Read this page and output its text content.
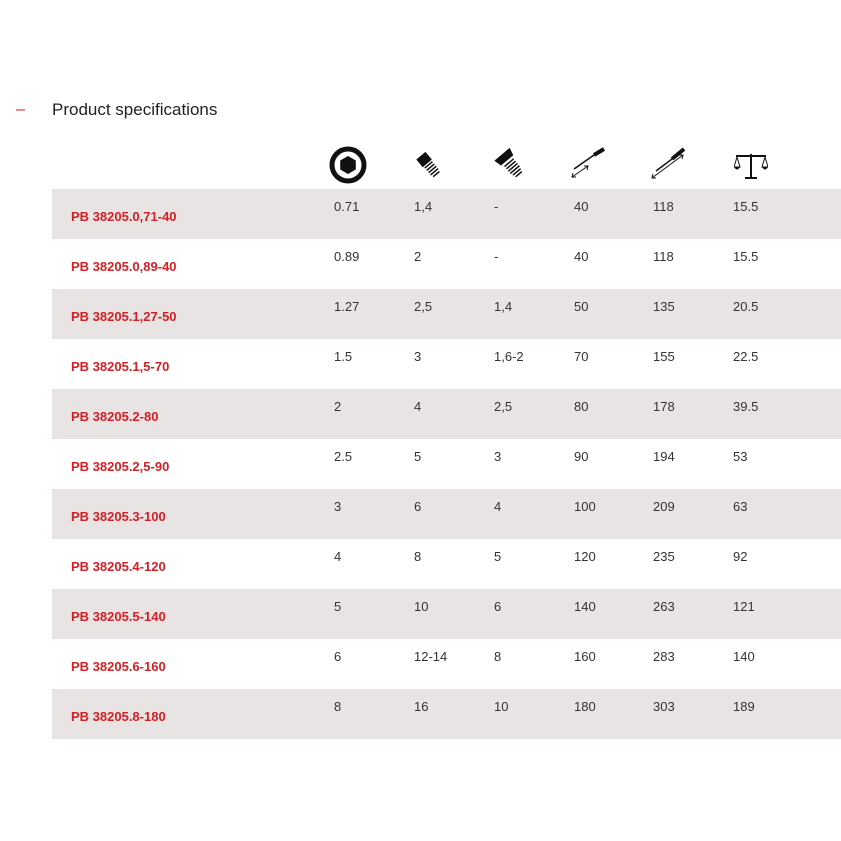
–	Product specifications
PB 38205.0,71-40	0.71	1,4	-	40	118	15.5
PB 38205.0,89-40	0.89	2	-	40	118	15.5
PB 38205.1,27-50	1.27	2,5	1,4	50	135	20.5
PB 38205.1,5-70	1.5	3	1,6-2	70	155	22.5
PB 38205.2-80	2	4	2,5	80	178	39.5
PB 38205.2,5-90	2.5	5	3	90	194	53
PB 38205.3-100	3	6	4	100	209	63
PB 38205.4-120	4	8	5	120	235	92
PB 38205.5-140	5	10	6	140	263	121
PB 38205.6-160	6	12-14	8	160	283	140
PB 38205.8-180	8	16	10	180	303	189
